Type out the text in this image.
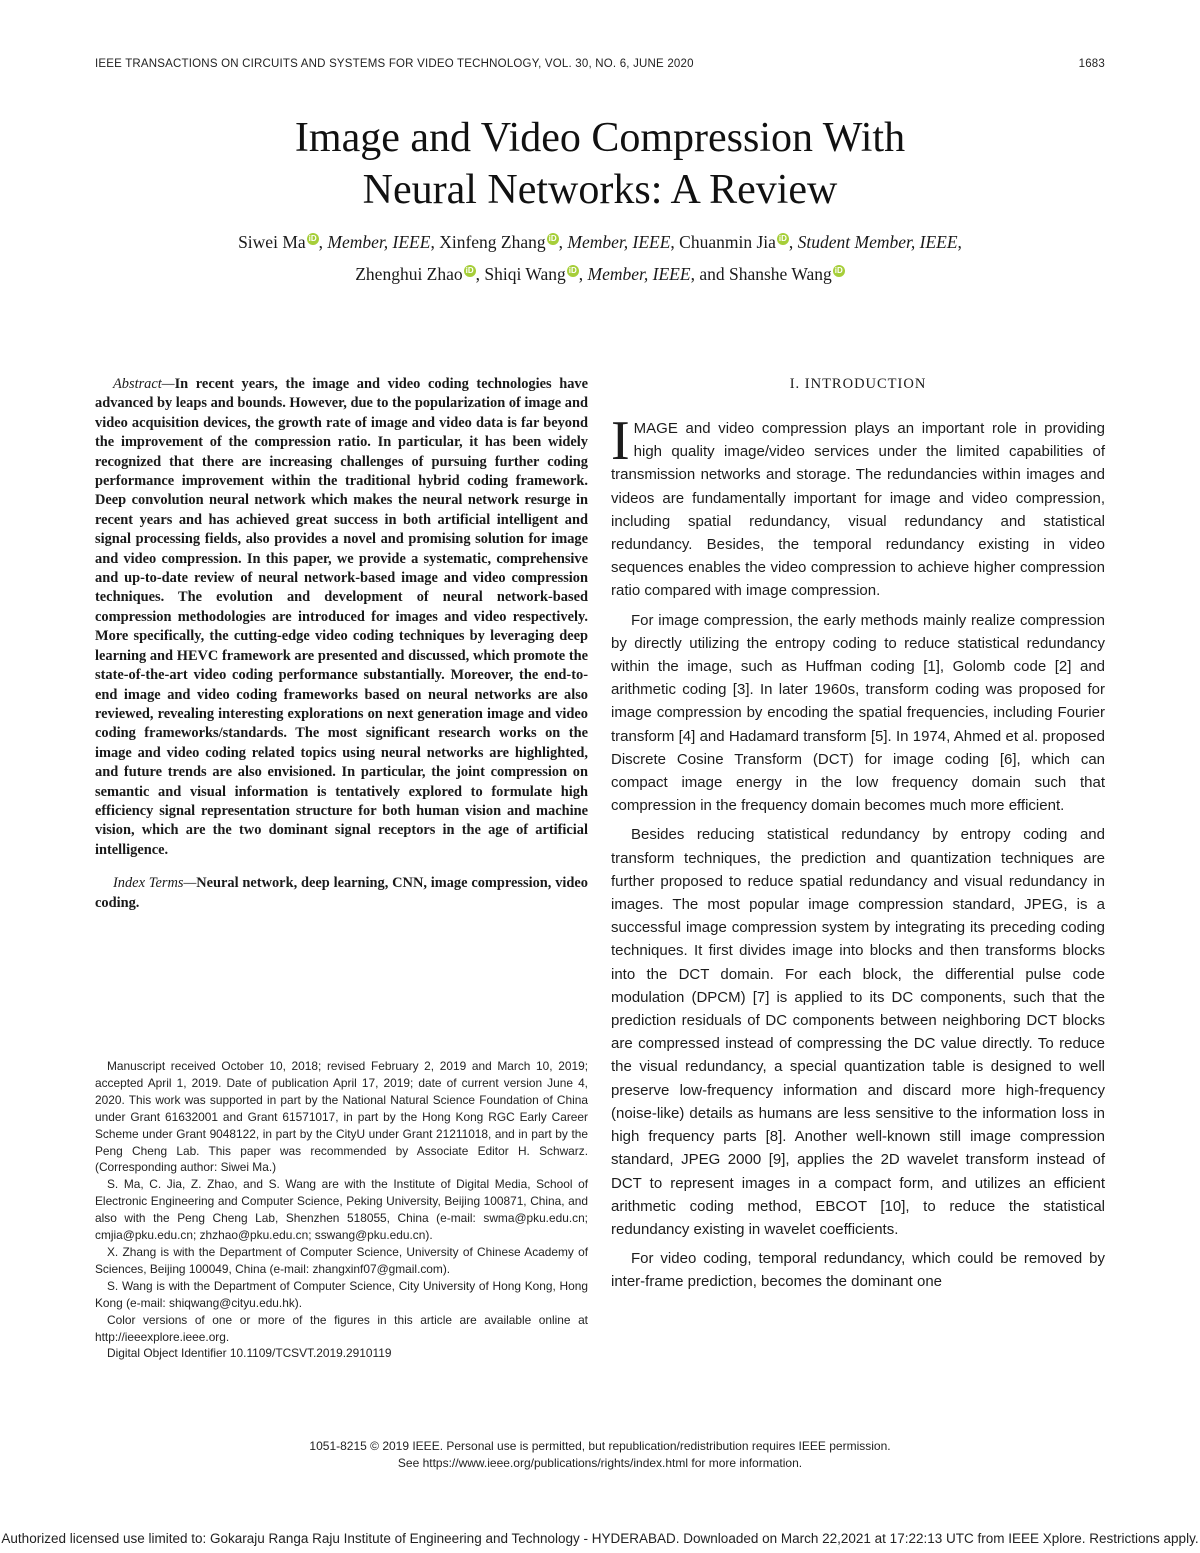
IEEE TRANSACTIONS ON CIRCUITS AND SYSTEMS FOR VIDEO TECHNOLOGY, VOL. 30, NO. 6, JUNE 2020	1683
Image and Video Compression With
Neural Networks: A Review
Siwei Ma iD , Member, IEEE, Xinfeng Zhang iD , Member, IEEE, Chuanmin Jia iD , Student Member, IEEE,
Zhenghui Zhao iD , Shiqi Wang iD , Member, IEEE, and Shanshe Wang iD

Abstract—In recent years, the image and video coding technologies have advanced by leaps and bounds. However, due to the popularization of image and video acquisition devices, the growth rate of image and video data is far beyond the improvement of the compression ratio. In particular, it has been widely recognized that there are increasing challenges of pursuing further coding performance improvement within the traditional hybrid coding framework. Deep convolution neural network which makes the neural network resurge in recent years and has achieved great success in both artificial intelligent and signal processing fields, also provides a novel and promising solution for image and video compression. In this paper, we provide a systematic, comprehensive and up-to-date review of neural network-based image and video compression techniques. The evolution and development of neural network-based compression methodologies are introduced for images and video respectively. More specifically, the cutting-edge video coding techniques by leveraging deep learning and HEVC framework are presented and discussed, which promote the state-of-the-art video coding performance substantially. Moreover, the end-to-end image and video coding frameworks based on neural networks are also reviewed, revealing interesting explorations on next generation image and video coding frameworks/standards. The most significant research works on the image and video coding related topics using neural networks are highlighted, and future trends are also envisioned. In particular, the joint compression on semantic and visual information is tentatively explored to formulate high efficiency signal representation structure for both human vision and machine vision, which are the two dominant signal receptors in the age of artificial intelligence.

Index Terms—Neural network, deep learning, CNN, image compression, video coding.

Manuscript received October 10, 2018; revised February 2, 2019 and March 10, 2019; accepted April 1, 2019. Date of publication April 17, 2019; date of current version June 4, 2020. This work was supported in part by the National Natural Science Foundation of China under Grant 61632001 and Grant 61571017, in part by the Hong Kong RGC Early Career Scheme under Grant 9048122, in part by the CityU under Grant 21211018, and in part by the Peng Cheng Lab. This paper was recommended by Associate Editor H. Schwarz. (Corresponding author: Siwei Ma.)

S. Ma, C. Jia, Z. Zhao, and S. Wang are with the Institute of Digital Media, School of Electronic Engineering and Computer Science, Peking University, Beijing 100871, China, and also with the Peng Cheng Lab, Shenzhen 518055, China (e-mail: swma@pku.edu.cn; cmjia@pku.edu.cn; zhzhao@pku.edu.cn; sswang@pku.edu.cn).

X. Zhang is with the Department of Computer Science, University of Chinese Academy of Sciences, Beijing 100049, China (e-mail: zhangxinf07@gmail.com).

S. Wang is with the Department of Computer Science, City University of Hong Kong, Hong Kong (e-mail: shiqwang@cityu.edu.hk).

Color versions of one or more of the figures in this article are available online at http://ieeexplore.ieee.org.

Digital Object Identifier 10.1109/TCSVT.2019.2910119

I. INTRODUCTION

IMAGE and video compression plays an important role in providing high quality image/video services under the limited capabilities of transmission networks and storage. The redundancies within images and videos are fundamentally important for image and video compression, including spatial redundancy, visual redundancy and statistical redundancy. Besides, the temporal redundancy existing in video sequences enables the video compression to achieve higher compression ratio compared with image compression.

For image compression, the early methods mainly realize compression by directly utilizing the entropy coding to reduce statistical redundancy within the image, such as Huffman coding [1], Golomb code [2] and arithmetic coding [3]. In later 1960s, transform coding was proposed for image compression by encoding the spatial frequencies, including Fourier transform [4] and Hadamard transform [5]. In 1974, Ahmed et al. proposed Discrete Cosine Transform (DCT) for image coding [6], which can compact image energy in the low frequency domain such that compression in the frequency domain becomes much more efficient.

Besides reducing statistical redundancy by entropy coding and transform techniques, the prediction and quantization techniques are further proposed to reduce spatial redundancy and visual redundancy in images. The most popular image compression standard, JPEG, is a successful image compression system by integrating its preceding coding techniques. It first divides image into blocks and then transforms blocks into the DCT domain. For each block, the differential pulse code modulation (DPCM) [7] is applied to its DC components, such that the prediction residuals of DC components between neighboring DCT blocks are compressed instead of compressing the DC value directly. To reduce the visual redundancy, a special quantization table is designed to well preserve low-frequency information and discard more high-frequency (noise-like) details as humans are less sensitive to the information loss in high frequency parts [8]. Another well-known still image compression standard, JPEG 2000 [9], applies the 2D wavelet transform instead of DCT to represent images in a compact form, and utilizes an efficient arithmetic coding method, EBCOT [10], to reduce the statistical redundancy existing in wavelet coefficients.

For video coding, temporal redundancy, which could be removed by inter-frame prediction, becomes the dominant one

1051-8215 © 2019 IEEE. Personal use is permitted, but republication/redistribution requires IEEE permission.
See https://www.ieee.org/publications/rights/index.html for more information.
Authorized licensed use limited to: Gokaraju Ranga Raju Institute of Engineering and Technology - HYDERABAD. Downloaded on March 22,2021 at 17:22:13 UTC from IEEE Xplore. Restrictions apply.
